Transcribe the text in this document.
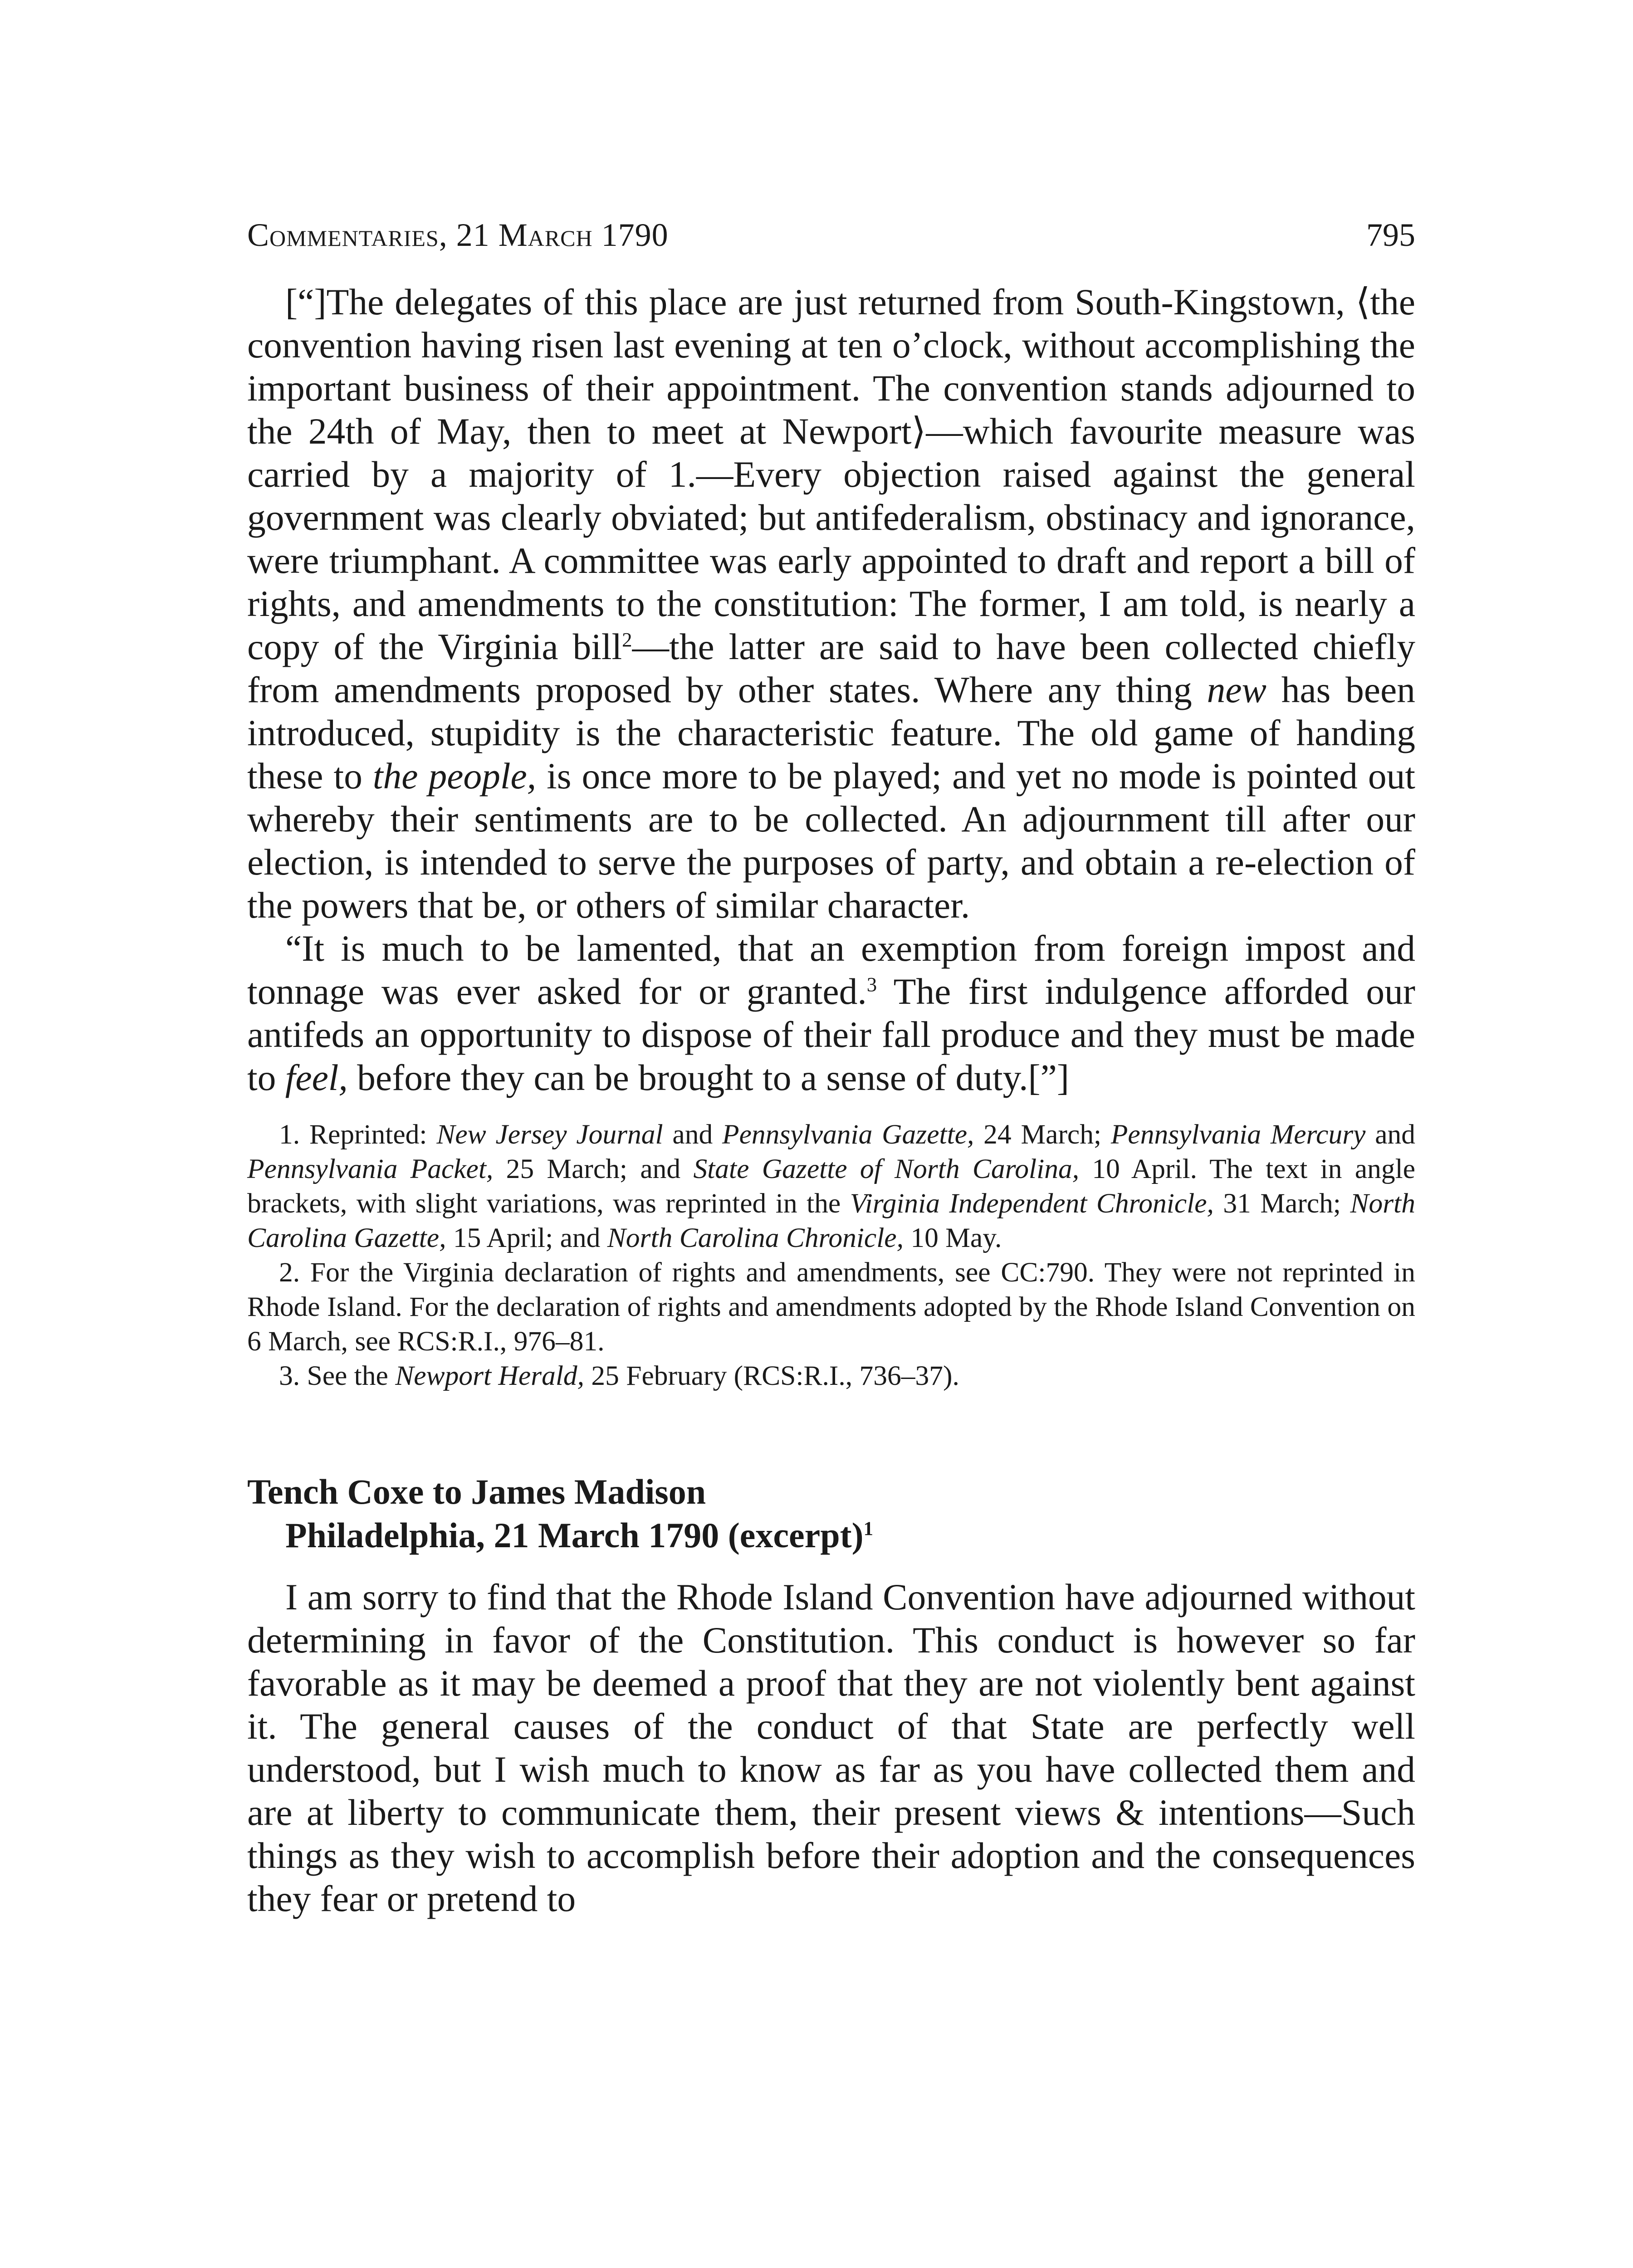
Commentaries, 21 March 1790	795

[“]The delegates of this place are just returned from South-Kingstown, ⟨the convention having risen last evening at ten o’clock, without accomplishing the important business of their appointment. The convention stands adjourned to the 24th of May, then to meet at Newport⟩—which favourite measure was carried by a majority of 1.—Every objection raised against the general government was clearly obviated; but antifederalism, obstinacy and ignorance, were triumphant. A committee was early appointed to draft and report a bill of rights, and amendments to the constitution: The former, I am told, is nearly a copy of the Virginia bill$^2$—the latter are said to have been collected chiefly from amendments proposed by other states. Where any thing new has been introduced, stupidity is the characteristic feature. The old game of handing these to the people, is once more to be played; and yet no mode is pointed out whereby their sentiments are to be collected. An adjournment till after our election, is intended to serve the purposes of party, and obtain a re-election of the powers that be, or others of similar character.

“It is much to be lamented, that an exemption from foreign impost and tonnage was ever asked for or granted.$^3$ The first indulgence afforded our antifeds an opportunity to dispose of their fall produce and they must be made to feel, before they can be brought to a sense of duty.[”]

1. Reprinted: New Jersey Journal and Pennsylvania Gazette, 24 March; Pennsylvania Mercury and Pennsylvania Packet, 25 March; and State Gazette of North Carolina, 10 April. The text in angle brackets, with slight variations, was reprinted in the Virginia Independent Chronicle, 31 March; North Carolina Gazette, 15 April; and North Carolina Chronicle, 10 May.

2. For the Virginia declaration of rights and amendments, see CC:790. They were not reprinted in Rhode Island. For the declaration of rights and amendments adopted by the Rhode Island Convention on 6 March, see RCS:R.I., 976–81.

3. See the Newport Herald, 25 February (RCS:R.I., 736–37).

Tench Coxe to James Madison
Philadelphia, 21 March 1790 (excerpt)$^1$

I am sorry to find that the Rhode Island Convention have adjourned without determining in favor of the Constitution. This conduct is however so far favorable as it may be deemed a proof that they are not violently bent against it. The general causes of the conduct of that State are perfectly well understood, but I wish much to know as far as you have collected them and are at liberty to communicate them, their present views & intentions—Such things as they wish to accomplish before their adoption and the consequences they fear or pretend to
